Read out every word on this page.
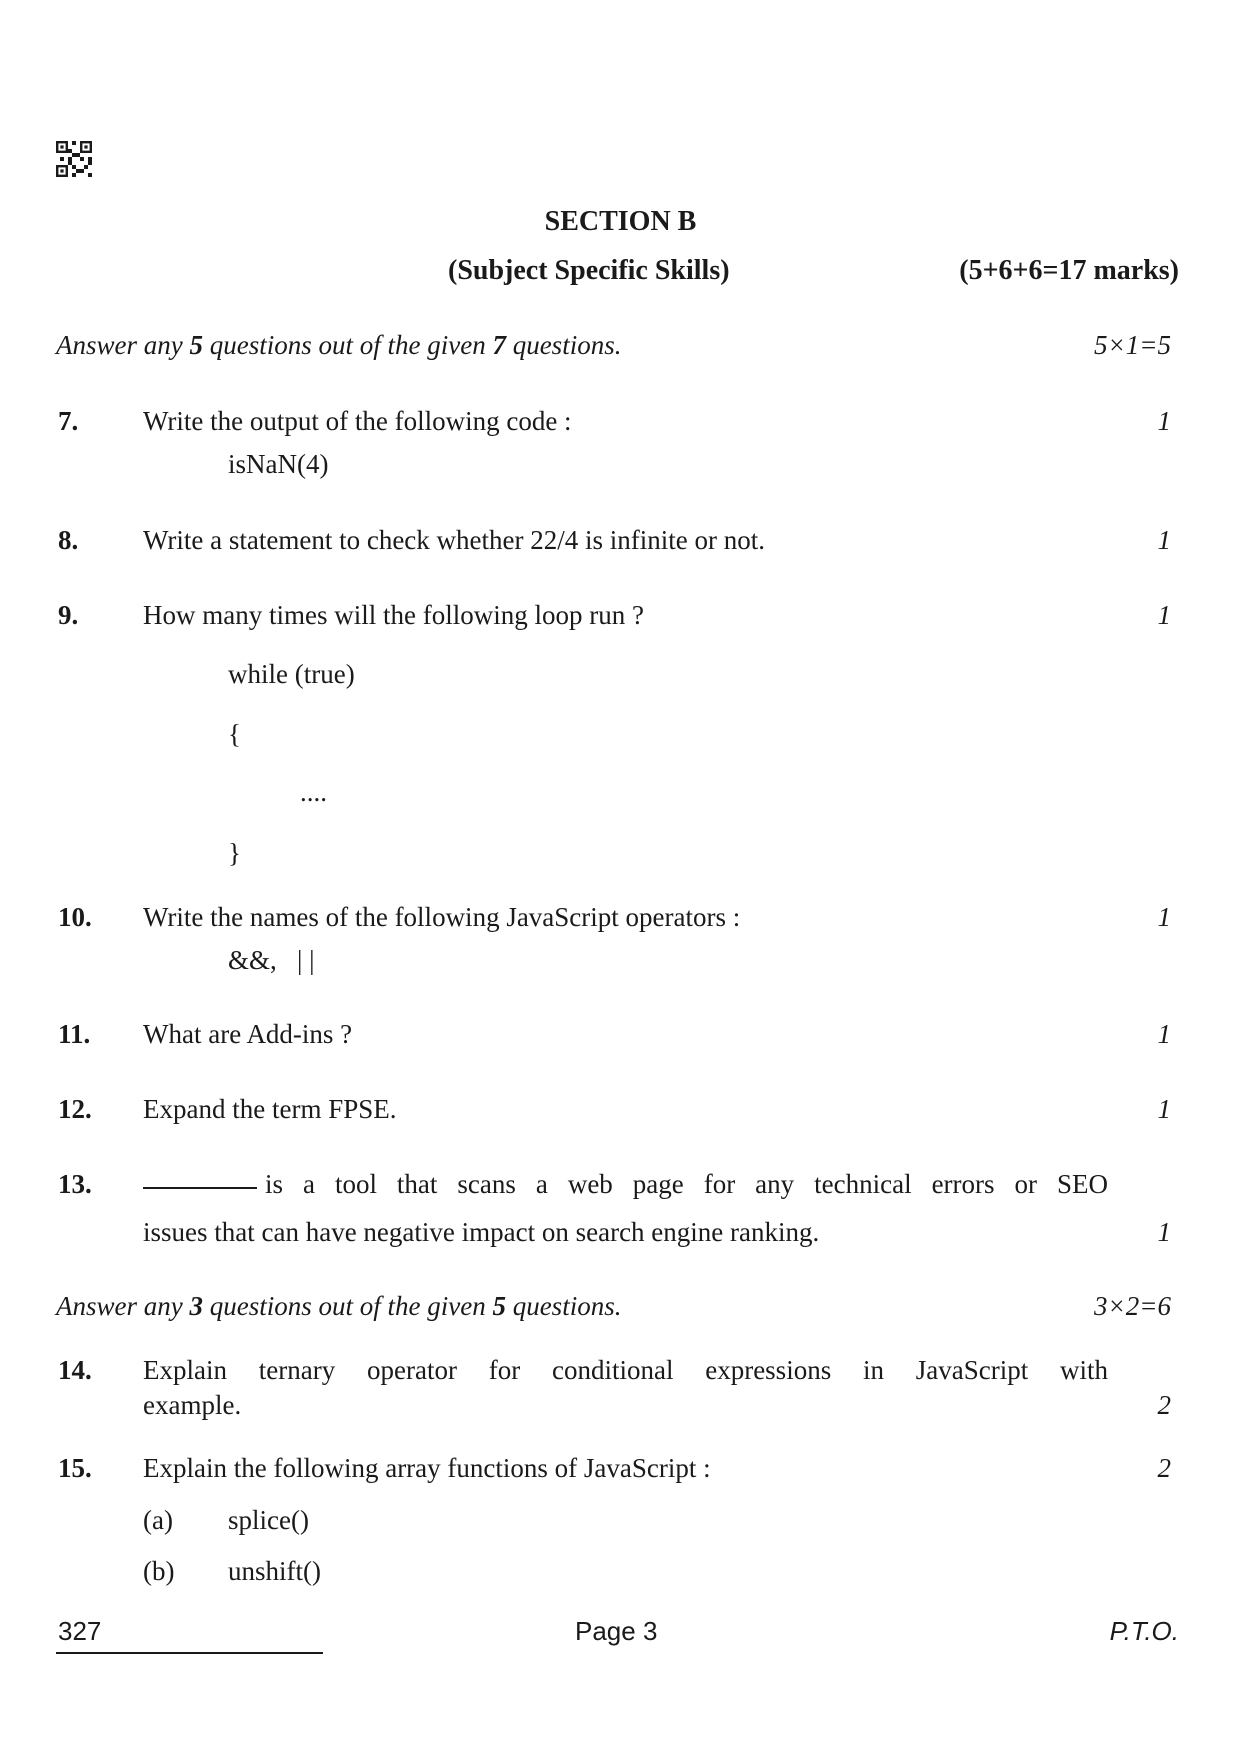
SECTION B
(Subject Specific Skills)	(5+6+6=17 marks)
Answer any 5 questions out of the given 7 questions.	5×1=5
7. Write the output of the following code :	1
isNaN(4)
8. Write a statement to check whether 22/4 is infinite or not.	1
9. How many times will the following loop run ?	1
while (true)
{
....
}
10. Write the names of the following JavaScript operators :	1
&&,   | |
11. What are Add-ins ?	1
12. Expand the term FPSE.	1
13.	is a tool that scans a web page for any technical errors or SEO
issues that can have negative impact on search engine ranking.	1
Answer any 3 questions out of the given 5 questions.	3×2=6
14. Explain ternary operator for conditional expressions in JavaScript with
example.	2
15. Explain the following array functions of JavaScript :	2
(a) splice()
(b) unshift()
327	Page 3	P.T.O.
